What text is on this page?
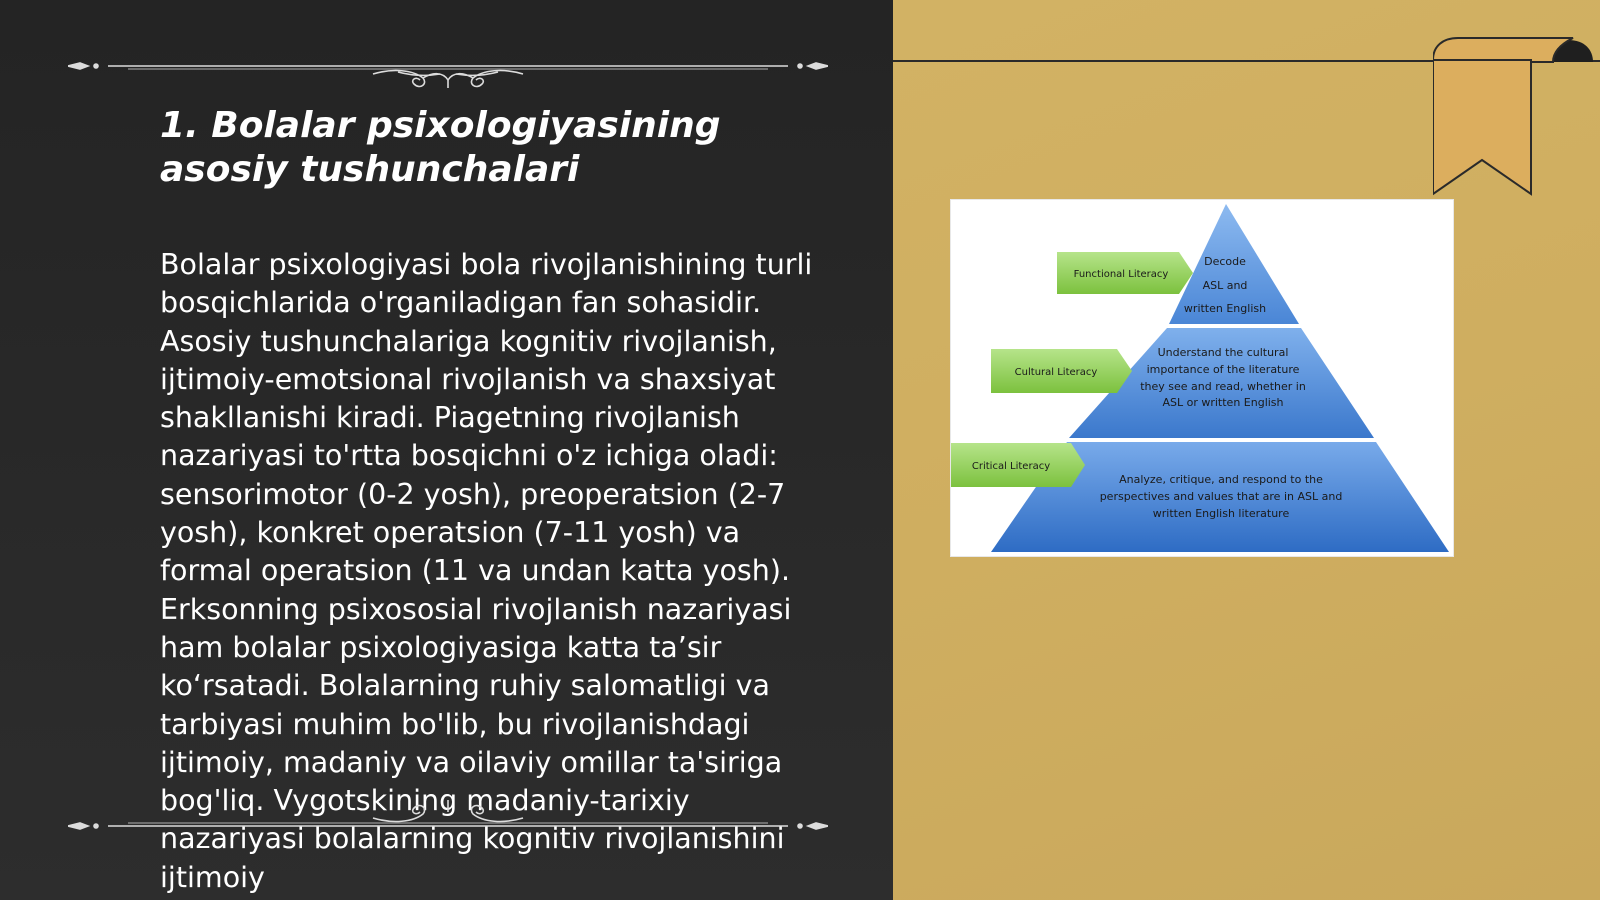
1. Bolalar psixologiyasining asosiy tushunchalari

Bolalar psixologiyasi bola rivojlanishining turli bosqichlarida o'rganiladigan fan sohasidir. Asosiy tushunchalariga kognitiv rivojlanish, ijtimoiy-emotsional rivojlanish va shaxsiyat shakllanishi kiradi. Piagetning rivojlanish nazariyasi to'rtta bosqichni o'z ichiga oladi: sensorimotor (0-2 yosh), preoperatsion (2-7 yosh), konkret operatsion (7-11 yosh) va formal operatsion (11 va undan katta yosh). Erksonning psixososial rivojlanish nazariyasi ham bolalar psixologiyasiga katta ta’sir ko‘rsatadi. Bolalarning ruhiy salomatligi va tarbiyasi muhim bo'lib, bu rivojlanishdagi ijtimoiy, madaniy va oilaviy omillar ta'siriga bog'liq. Vygotskining madaniy-tarixiy nazariyasi bolalarning kognitiv rivojlanishini ijtimoiy

Decode
ASL and
written English
Understand the cultural
importance of the literature
they see and read, whether in
ASL or written English
Analyze, critique, and respond to the
perspectives and values that are in ASL and
written English literature
Functional Literacy
Cultural Literacy
Critical Literacy
